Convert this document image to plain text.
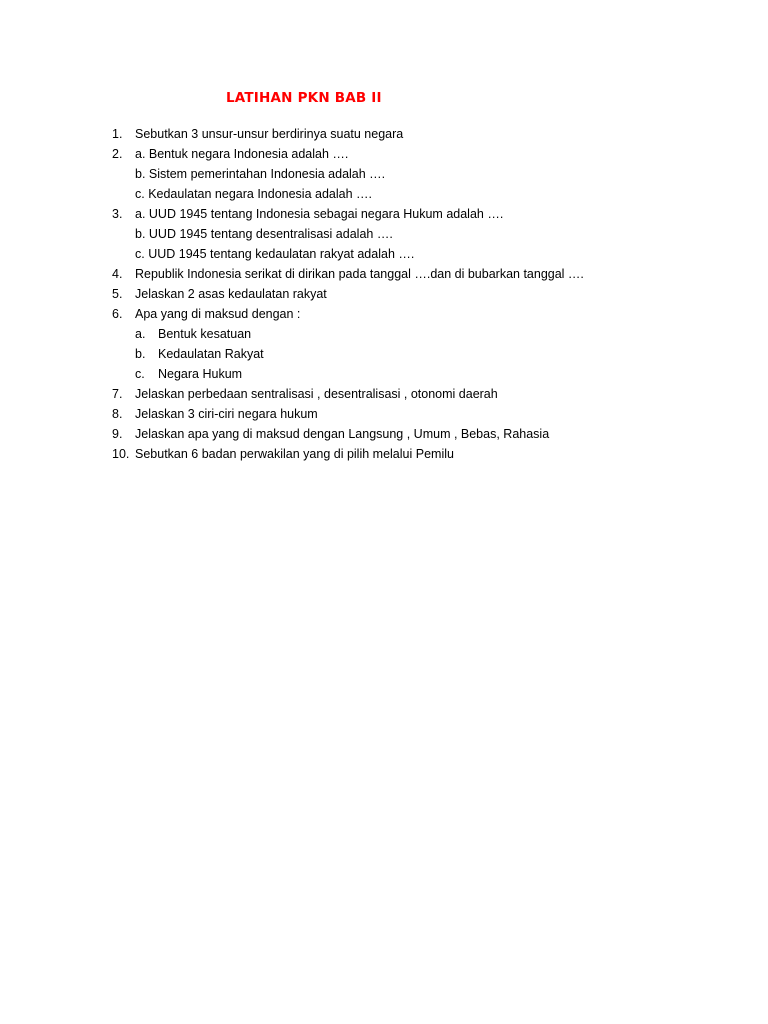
LATIHAN PKN BAB II
1. Sebutkan 3 unsur-unsur berdirinya suatu negara
2. a. Bentuk negara Indonesia adalah ….
b. Sistem pemerintahan Indonesia adalah ….
c. Kedaulatan negara Indonesia adalah ….
3. a. UUD 1945 tentang Indonesia sebagai negara Hukum adalah ….
b. UUD 1945 tentang desentralisasi adalah ….
c. UUD 1945 tentang kedaulatan rakyat adalah ….
4. Republik Indonesia serikat di dirikan pada tanggal ….dan di bubarkan tanggal ….
5. Jelaskan 2 asas kedaulatan rakyat
6. Apa yang di maksud dengan :
a. Bentuk kesatuan
b. Kedaulatan Rakyat
c. Negara Hukum
7. Jelaskan perbedaan sentralisasi , desentralisasi , otonomi daerah
8. Jelaskan 3 ciri-ciri negara hukum
9. Jelaskan apa yang di maksud dengan Langsung , Umum , Bebas, Rahasia
10. Sebutkan 6 badan perwakilan yang di pilih melalui Pemilu
